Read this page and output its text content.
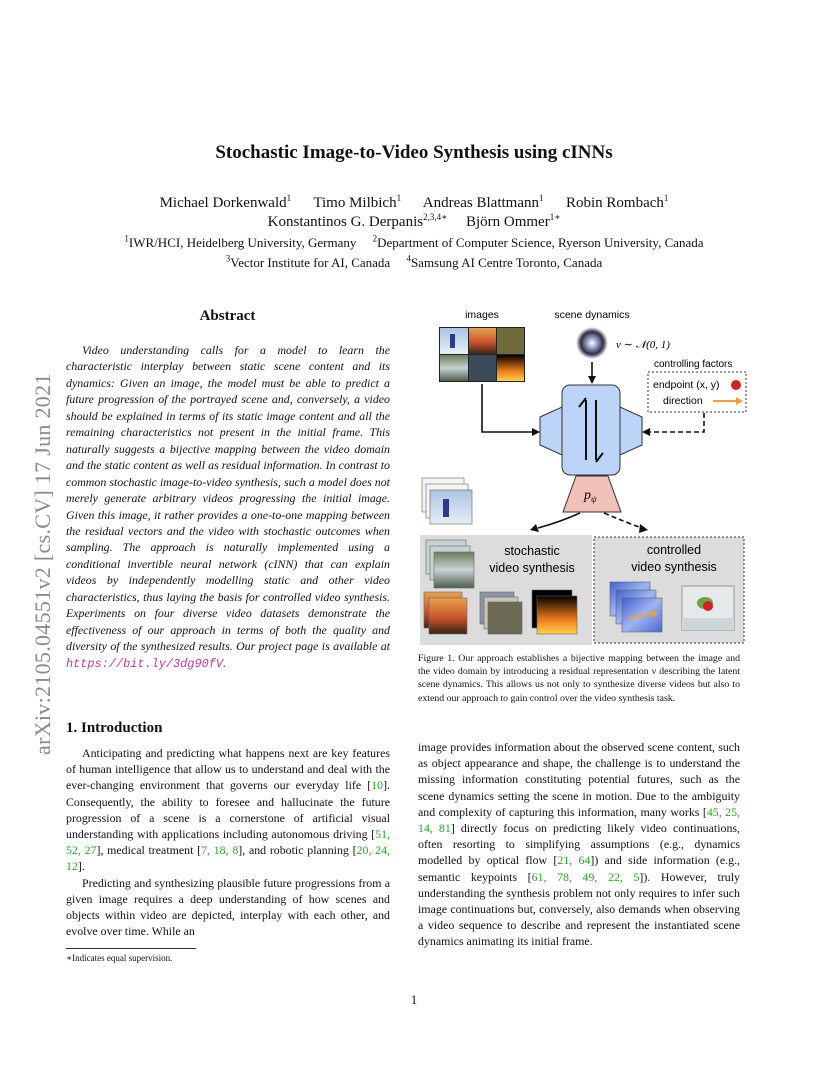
arXiv:2105.04551v2 [cs.CV] 17 Jun 2021
Stochastic Image-to-Video Synthesis using cINNs
Michael Dorkenwald$^1$ Timo Milbich$^1$ Andreas Blattmann$^1$ Robin Rombach$^1$
Konstantinos G. Derpanis$^{2,3,4∗}$ Björn Ommer$^{1∗}$
$^1$IWR/HCI, Heidelberg University, Germany $^2$Department of Computer Science, Ryerson University, Canada
$^3$Vector Institute for AI, Canada $^4$Samsung AI Centre Toronto, Canada
Abstract
Video understanding calls for a model to learn the characteristic interplay between static scene content and its dynamics: Given an image, the model must be able to predict a future progression of the portrayed scene and, conversely, a video should be explained in terms of its static image content and all the remaining characteristics not present in the initial frame. This naturally suggests a bijective mapping between the video domain and the static content as well as residual information. In contrast to common stochastic image-to-video synthesis, such a model does not merely generate arbitrary videos progressing the initial image. Given this image, it rather provides a one-to-one mapping between the residual vectors and the video with stochastic outcomes when sampling. The approach is naturally implemented using a conditional invertible neural network (cINN) that can explain videos by independently modelling static and other video characteristics, thus laying the basis for controlled video synthesis. Experiments on four diverse video datasets demonstrate the effectiveness of our approach in terms of both the quality and diversity of the synthesized results. Our project page is available at https://bit.ly/3dg90fV.
1. Introduction

Anticipating and predicting what happens next are key features of human intelligence that allow us to understand and deal with the ever-changing environment that governs our everyday life [10]. Consequently, the ability to foresee and hallucinate the future progression of a scene is a cornerstone of artificial visual understanding with applications including autonomous driving [51, 52, 27], medical treatment [7, 18, 8], and robotic planning [20, 24, 12].

Predicting and synthesizing plausible future progressions from a given image requires a deep understanding of how scenes and objects within video are depicted, interplay with each other, and evolve over time. While an

∗Indicates equal supervision.
images	scene dynamics
ν ∼ 𝒩(0, 1)
controlling factors
endpoint (x, y)
direction
$p_\psi$
stochastic
video synthesis
controlled
video synthesis
Figure 1. Our approach establishes a bijective mapping between the image and the video domain by introducing a residual representation ν describing the latent scene dynamics. This allows us not only to synthesize diverse videos but also to extend our approach to gain control over the video synthesis task.

image provides information about the observed scene content, such as object appearance and shape, the challenge is to understand the missing information constituting potential futures, such as the scene dynamics setting the scene in motion. Due to the ambiguity and complexity of capturing this information, many works [45, 25, 14, 81] directly focus on predicting likely video continuations, often resorting to simplifying assumptions (e.g., dynamics modelled by optical flow [21, 64]) and side information (e.g., semantic keypoints [61, 78, 49, 22, 5]). However, truly understanding the synthesis problem not only requires to infer such image continuations but, conversely, also demands when observing a video sequence to describe and represent the instantiated scene dynamics animating its initial frame.

1
